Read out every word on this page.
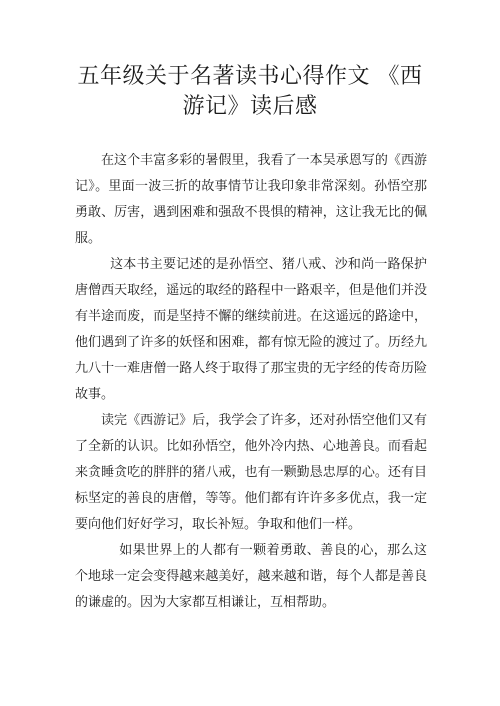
五年级关于名著读书心得作文 《西游记》读后感

在这个丰富多彩的暑假里，我看了一本吴承恩写的《西游记》。里面一波三折的故事情节让我印象非常深刻。孙悟空那勇敢、厉害，遇到困难和强敌不畏惧的精神，这让我无比的佩服。

这本书主要记述的是孙悟空、猪八戒、沙和尚一路保护唐僧西天取经，遥远的取经的路程中一路艰辛，但是他们并没有半途而废，而是坚持不懈的继续前进。在这遥远的路途中，他们遇到了许多的妖怪和困难，都有惊无险的渡过了。历经九九八十一难唐僧一路人终于取得了那宝贵的无字经的传奇历险故事。

读完《西游记》后，我学会了许多，还对孙悟空他们又有了全新的认识。比如孙悟空，他外冷内热、心地善良。而看起来贪睡贪吃的胖胖的猪八戒，也有一颗勤恳忠厚的心。还有目标坚定的善良的唐僧，等等。他们都有许许多多优点，我一定要向他们好好学习，取长补短。争取和他们一样。

如果世界上的人都有一颗着勇敢、善良的心，那么这个地球一定会变得越来越美好，越来越和谐，每个人都是善良的谦虚的。因为大家都互相谦让，互相帮助。
